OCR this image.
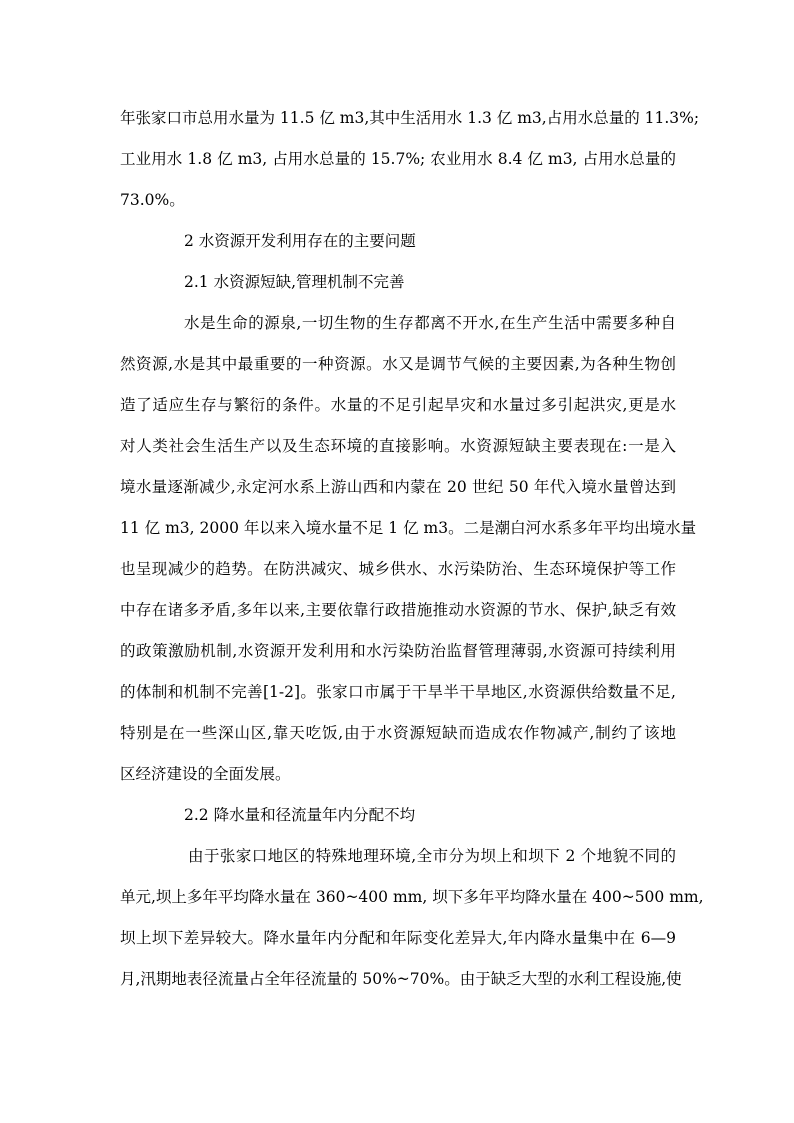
年张家口市总用水量为 11.5 亿 m3,其中生活用水 1.3 亿 m3,占用水总量的 11.3%;
工业用水 1.8 亿 m3, 占用水总量的 15.7%; 农业用水 8.4 亿 m3, 占用水总量的
73.0%。
2 水资源开发利用存在的主要问题
2.1 水资源短缺,管理机制不完善
水是生命的源泉,一切生物的生存都离不开水,在生产生活中需要多种自
然资源,水是其中最重要的一种资源。水又是调节气候的主要因素,为各种生物创
造了适应生存与繁衍的条件。水量的不足引起旱灾和水量过多引起洪灾,更是水
对人类社会生活生产以及生态环境的直接影响。水资源短缺主要表现在:一是入
境水量逐渐减少,永定河水系上游山西和内蒙在 20 世纪 50 年代入境水量曾达到
11 亿 m3, 2000 年以来入境水量不足 1 亿 m3。二是潮白河水系多年平均出境水量
也呈现减少的趋势。在防洪减灾、城乡供水、水污染防治、生态环境保护等工作
中存在诸多矛盾,多年以来,主要依靠行政措施推动水资源的节水、保护,缺乏有效
的政策激励机制,水资源开发利用和水污染防治监督管理薄弱,水资源可持续利用
的体制和机制不完善[1-2]。张家口市属于干旱半干旱地区,水资源供给数量不足,
特别是在一些深山区,靠天吃饭,由于水资源短缺而造成农作物减产,制约了该地
区经济建设的全面发展。
2.2 降水量和径流量年内分配不均
由于张家口地区的特殊地理环境,全市分为坝上和坝下 2 个地貌不同的
单元,坝上多年平均降水量在 360~400 mm, 坝下多年平均降水量在 400~500 mm,
坝上坝下差异较大。降水量年内分配和年际变化差异大,年内降水量集中在 6—9
月,汛期地表径流量占全年径流量的 50%~70%。由于缺乏大型的水利工程设施,使
